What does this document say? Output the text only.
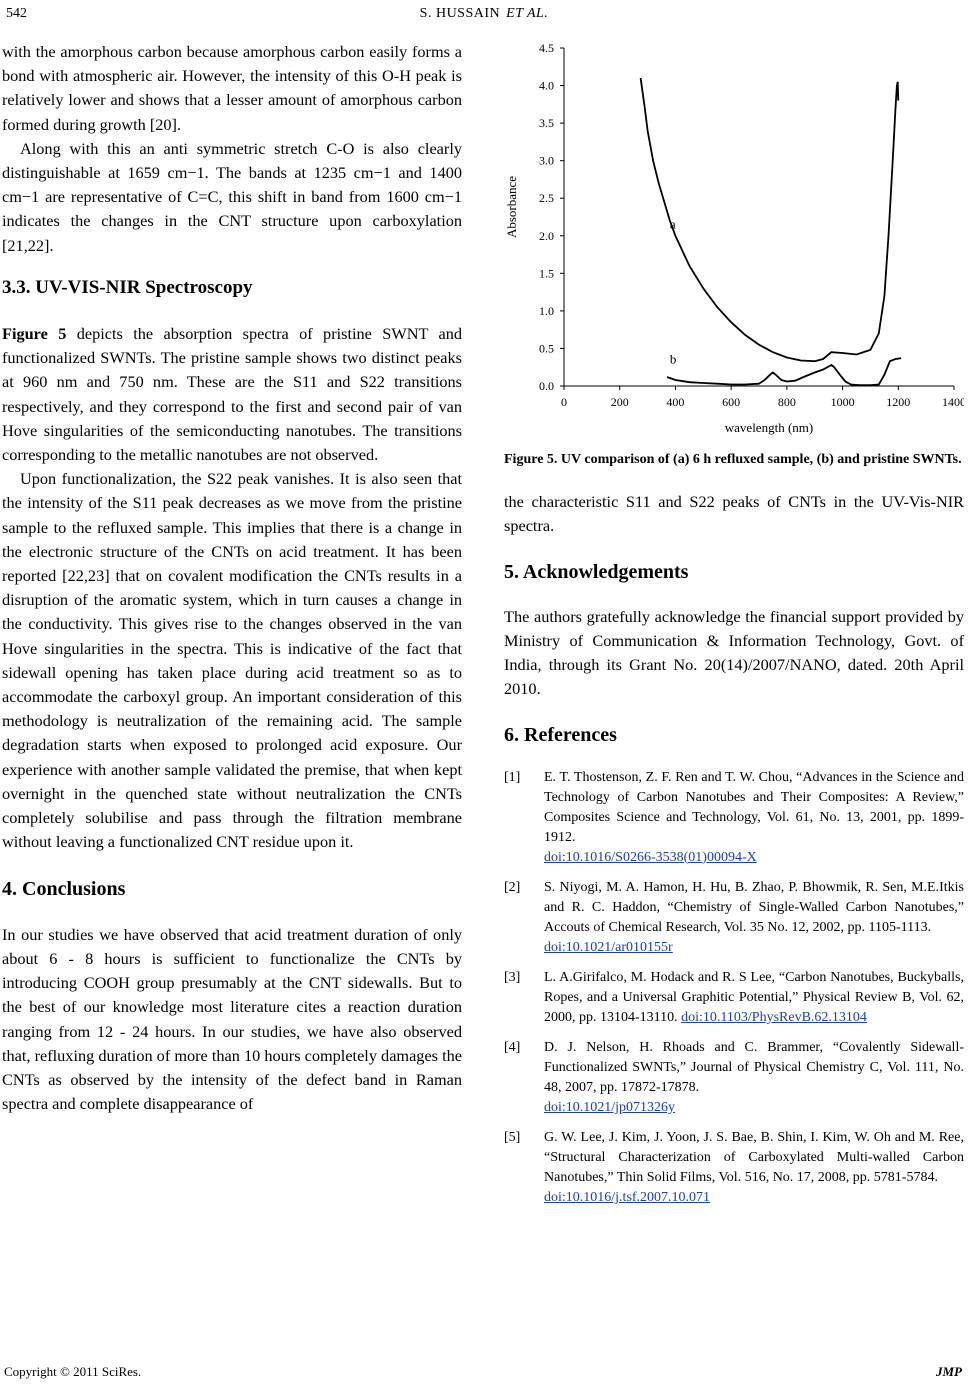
542	S. HUSSAIN ET AL.

with the amorphous carbon because amorphous carbon easily forms a bond with atmospheric air. However, the intensity of this O-H peak is relatively lower and shows that a lesser amount of amorphous carbon formed during growth [20].

Along with this an anti symmetric stretch C-O is also clearly distinguishable at 1659 cm−1. The bands at 1235 cm−1 and 1400 cm−1 are representative of C=C, this shift in band from 1600 cm−1 indicates the changes in the CNT structure upon carboxylation [21,22].

3.3. UV-VIS-NIR Spectroscopy

Figure 5 depicts the absorption spectra of pristine SWNT and functionalized SWNTs. The pristine sample shows two distinct peaks at 960 nm and 750 nm. These are the S11 and S22 transitions respectively, and they correspond to the first and second pair of van Hove singularities of the semiconducting nanotubes. The transitions corresponding to the metallic nanotubes are not observed.

Upon functionalization, the S22 peak vanishes. It is also seen that the intensity of the S11 peak decreases as we move from the pristine sample to the refluxed sample. This implies that there is a change in the electronic structure of the CNTs on acid treatment. It has been reported [22,23] that on covalent modification the CNTs results in a disruption of the aromatic system, which in turn causes a change in the conductivity. This gives rise to the changes observed in the van Hove singularities in the spectra. This is indicative of the fact that sidewall opening has taken place during acid treatment so as to accommodate the carboxyl group. An important consideration of this methodology is neutralization of the remaining acid. The sample degradation starts when exposed to prolonged acid exposure. Our experience with another sample validated the premise, that when kept overnight in the quenched state without neutralization the CNTs completely solubilise and pass through the filtration membrane without leaving a functionalized CNT residue upon it.

4. Conclusions

In our studies we have observed that acid treatment duration of only about 6 - 8 hours is sufficient to functionalize the CNTs by introducing COOH group presumably at the CNT sidewalls. But to the best of our knowledge most literature cites a reaction duration ranging from 12 - 24 hours. In our studies, we have also observed that, refluxing duration of more than 10 hours completely damages the CNTs as observed by the intensity of the defect band in Raman spectra and complete disappearance of

0.0
0.5
1.0
1.5
2.0
2.5
3.0
3.5
4.0
4.5
0	200	400	600	800	1000	1200	1400
wavelength (nm)
Absorbance	a
b
Figure 5. UV comparison of (a) 6 h refluxed sample, (b) and pristine SWNTs.

the characteristic S11 and S22 peaks of CNTs in the UV-Vis-NIR spectra.

5. Acknowledgements

The authors gratefully acknowledge the financial support provided by Ministry of Communication & Information Technology, Govt. of India, through its Grant No. 20(14)/2007/NANO, dated. 20th April 2010.

6. References
[1]	E. T. Thostenson, Z. F. Ren and T. W. Chou, “Advances in the Science and Technology of Carbon Nanotubes and Their Composites: A Review,” Composites Science and Technology, Vol. 61, No. 13, 2001, pp. 1899-1912.
doi:10.1016/S0266-3538(01)00094-X
[2]	S. Niyogi, M. A. Hamon, H. Hu, B. Zhao, P. Bhowmik, R. Sen, M.E.Itkis and R. C. Haddon, “Chemistry of Single-Walled Carbon Nanotubes,” Accouts of Chemical Research, Vol. 35 No. 12, 2002, pp. 1105-1113.
doi:10.1021/ar010155r
[3]	L. A.Girifalco, M. Hodack and R. S Lee, “Carbon Nanotubes, Buckyballs, Ropes, and a Universal Graphitic Potential,” Physical Review B, Vol. 62, 2000, pp. 13104-13110. doi:10.1103/PhysRevB.62.13104
[4]	D. J. Nelson, H. Rhoads and C. Brammer, “Covalently Sidewall-Functionalized SWNTs,” Journal of Physical Chemistry C, Vol. 111, No. 48, 2007, pp. 17872-17878.
doi:10.1021/jp071326y
[5]	G. W. Lee, J. Kim, J. Yoon, J. S. Bae, B. Shin, I. Kim, W. Oh and M. Ree, “Structural Characterization of Carboxylated Multi-walled Carbon Nanotubes,” Thin Solid Films, Vol. 516, No. 17, 2008, pp. 5781-5784.
doi:10.1016/j.tsf.2007.10.071
Copyright © 2011 SciRes.	JMP
